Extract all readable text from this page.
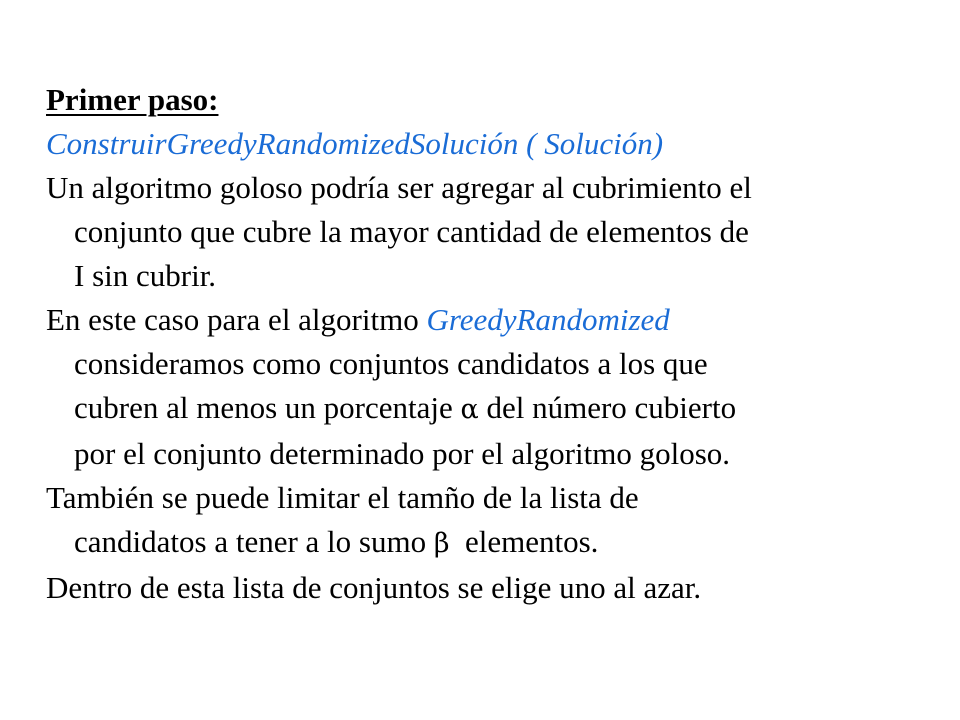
Primer paso:

ConstruirGreedyRandomizedSolución ( Solución)

Un algoritmo goloso podría ser agregar al cubrimiento el

conjunto que cubre la mayor cantidad de elementos de

I sin cubrir.

En este caso para el algoritmo GreedyRandomized

consideramos como conjuntos candidatos a los que

cubren al menos un porcentaje α del número cubierto

por el conjunto determinado por el algoritmo goloso.

También se puede limitar el tamño de la lista de

candidatos a tener a lo sumo β  elementos.

Dentro de esta lista de conjuntos se elige uno al azar.
